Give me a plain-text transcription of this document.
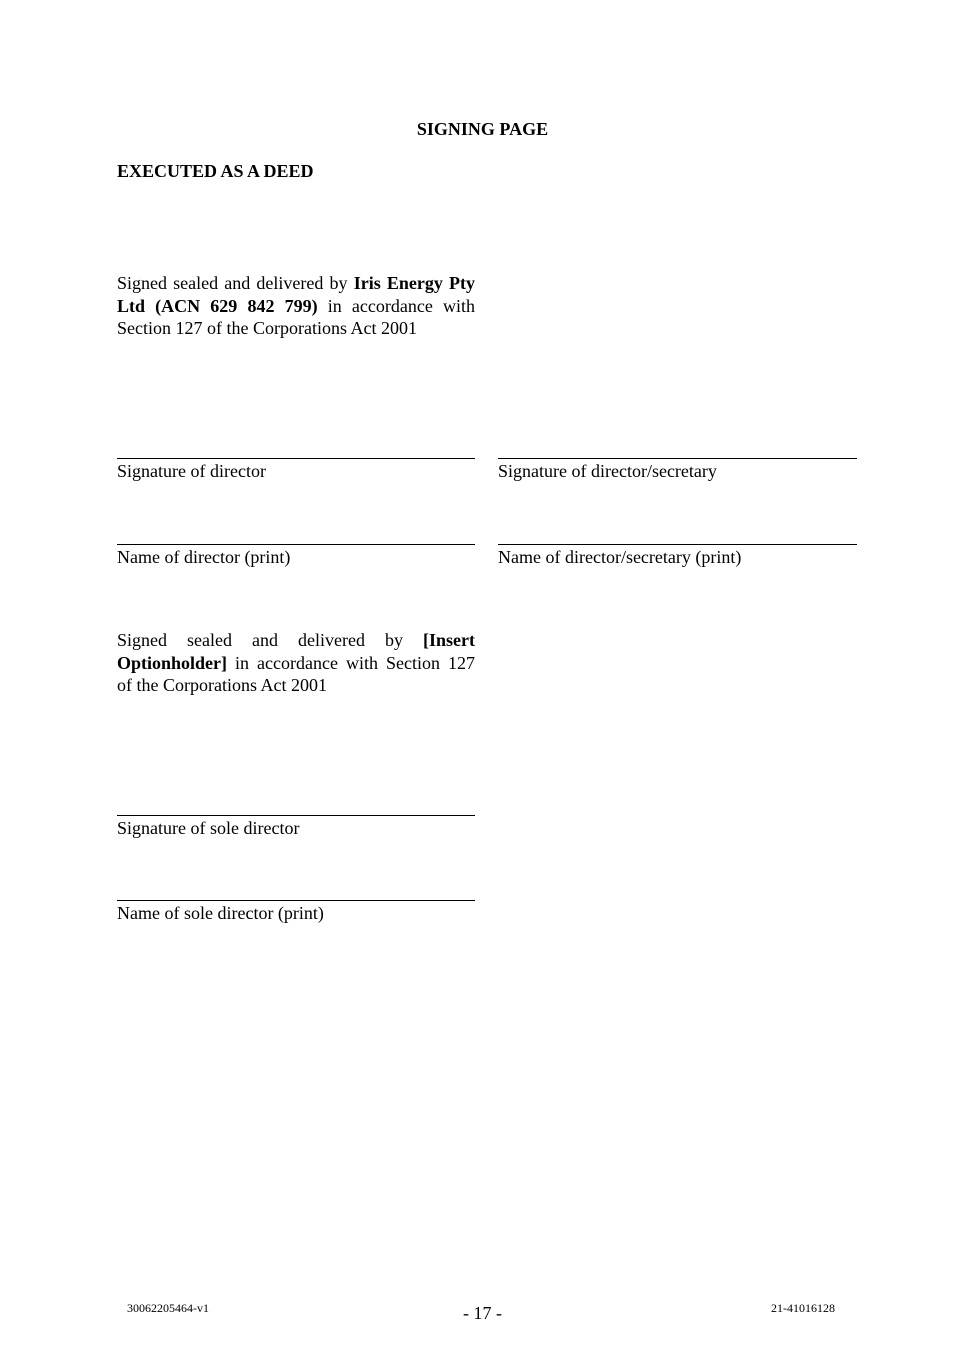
SIGNING PAGE
EXECUTED AS A DEED
Signed sealed and delivered by Iris Energy Pty Ltd (ACN 629 842 799) in accordance with Section 127 of the Corporations Act 2001
Signature of director	Signature of director/secretary
Name of director (print)	Name of director/secretary (print)
Signed sealed and delivered by [Insert Optionholder] in accordance with Section 127 of the Corporations Act 2001
Signature of sole director
Name of sole director (print)
30062205464-v1	- 17 -	21-41016128
